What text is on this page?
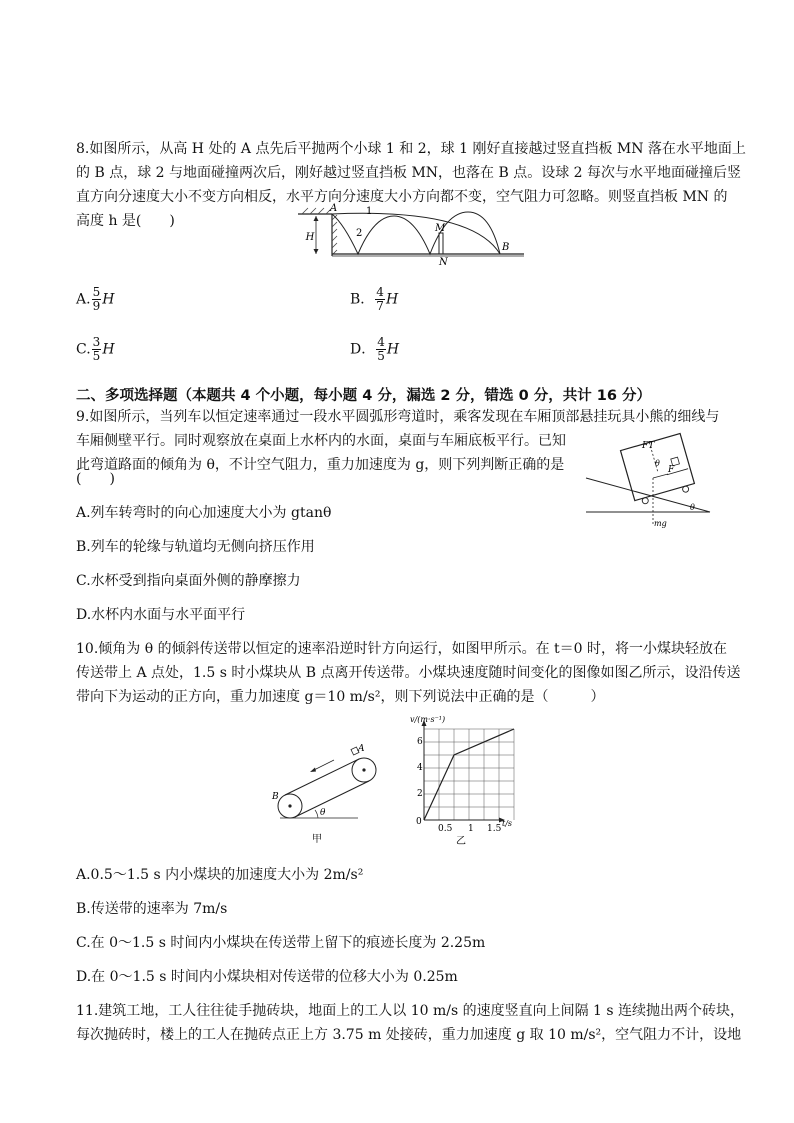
8.如图所示，从高 H 处的 A 点先后平抛两个小球 1 和 2，球 1 刚好直接越过竖直挡板 MN 落在水平地面上
的 B 点，球 2 与地面碰撞两次后，刚好越过竖直挡板 MN，也落在 B 点。设球 2 每次与水平地面碰撞后竖
直方向分速度大小不变方向相反，水平方向分速度大小方向都不变，空气阻力可忽略。则竖直挡板 MN 的
高度 h 是(　　)
H
A	1
2	M
N
B
A. $\frac{5}{9}$ H	B． $\frac{4}{7}$ H
C. $\frac{3}{5}$ H	D． $\frac{4}{5}$ H
二、多项选择题（本题共 4 个小题，每小题 4 分，漏选 2 分，错选 0 分，共计 16 分）
9.如图所示，当列车以恒定速率通过一段水平圆弧形弯道时，乘客发现在车厢顶部悬挂玩具小熊的细线与
车厢侧壁平行。同时观察放在桌面上水杯内的水面，桌面与车厢底板平行。已知
此弯道路面的倾角为 θ，不计空气阻力，重力加速度为 g，则下列判断正确的是
(　　)
FT
F
θ
θ
mg
A.列车转弯时的向心加速度大小为 gtanθ
B.列车的轮缘与轨道均无侧向挤压作用
C.水杯受到指向桌面外侧的静摩擦力
D.水杯内水面与水平面平行
10.倾角为 θ 的倾斜传送带以恒定的速率沿逆时针方向运行，如图甲所示。在 t＝0 时，将一小煤块轻放在
传送带上 A 点处，1.5 s 时小煤块从 B 点离开传送带。小煤块速度随时间变化的图像如图乙所示，设沿传送
带向下为运动的正方向，重力加速度 g＝10 m/s²，则下列说法中正确的是（　　　）
θ
A
B
甲
v/(m·s⁻¹)
t/s
0
2
4
6
0.5 1 1.5
乙
A.0.5～1.5 s 内小煤块的加速度大小为 2m/s²
B.传送带的速率为 7m/s
C.在 0～1.5 s 时间内小煤块在传送带上留下的痕迹长度为 2.25m
D.在 0～1.5 s 时间内小煤块相对传送带的位移大小为 0.25m
11.建筑工地，工人往往徒手抛砖块，地面上的工人以 10 m/s 的速度竖直向上间隔 1 s 连续抛出两个砖块，
每次抛砖时，楼上的工人在抛砖点正上方 3.75 m 处接砖，重力加速度 g 取 10 m/s²，空气阻力不计，设地
